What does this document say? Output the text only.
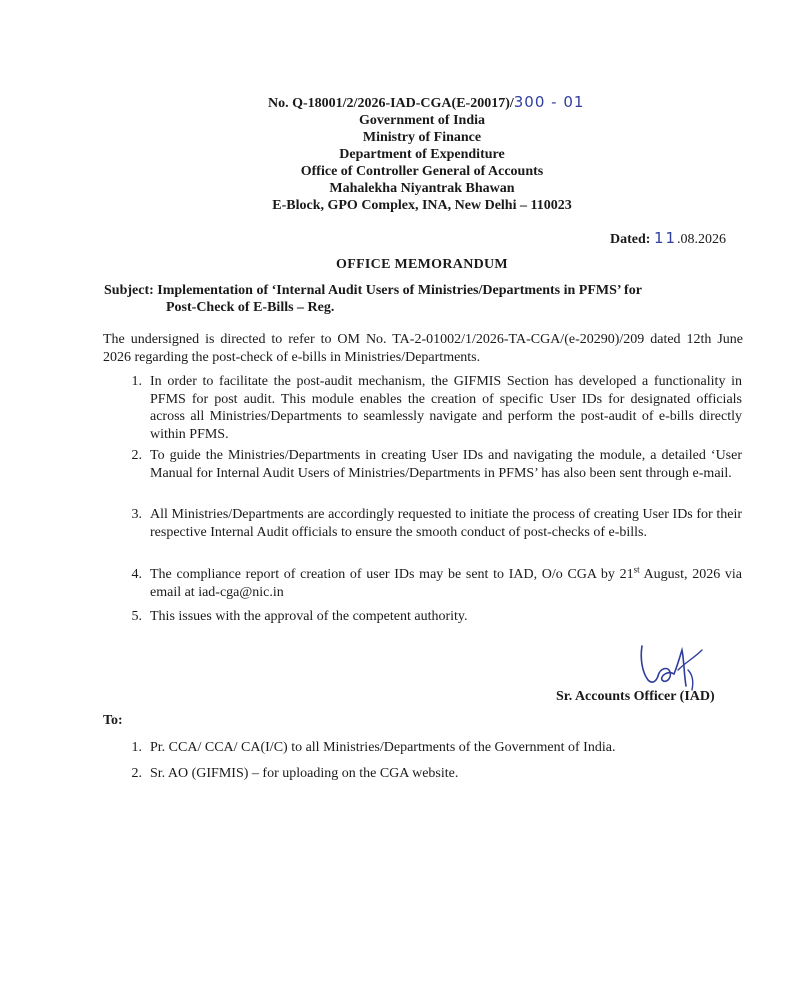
No. Q-18001/2/2026-IAD-CGA(E-20017)/300 - 01
Government of India
Ministry of Finance
Department of Expenditure
Office of Controller General of Accounts
Mahalekha Niyantrak Bhawan
E-Block, GPO Complex, INA, New Delhi – 110023
Dated: 11.08.2026
OFFICE MEMORANDUM
Subject: Implementation of ‘Internal Audit Users of Ministries/Departments in PFMS’ for
Post-Check of E-Bills – Reg.
The undersigned is directed to refer to OM No. TA-2-01002/1/2026-TA-CGA/(e-20290)/209 dated 12th June 2026 regarding the post-check of e-bills in Ministries/Departments.
1. In order to facilitate the post-audit mechanism, the GIFMIS Section has developed a functionality in PFMS for post audit. This module enables the creation of specific User IDs for designated officials across all Ministries/Departments to seamlessly navigate and perform the post-audit of e-bills directly within PFMS.
2. To guide the Ministries/Departments in creating User IDs and navigating the module, a detailed ‘User Manual for Internal Audit Users of Ministries/Departments in PFMS’ has also been sent through e-mail.
3. All Ministries/Departments are accordingly requested to initiate the process of creating User IDs for their respective Internal Audit officials to ensure the smooth conduct of post-checks of e-bills.
4. The compliance report of creation of user IDs may be sent to IAD, O/o CGA by 21st August, 2026 via email at iad-cga@nic.in
5. This issues with the approval of the competent authority.
Sr. Accounts Officer (IAD)
To:
1. Pr. CCA/ CCA/ CA(I/C) to all Ministries/Departments of the Government of India.
2. Sr. AO (GIFMIS) – for uploading on the CGA website.
